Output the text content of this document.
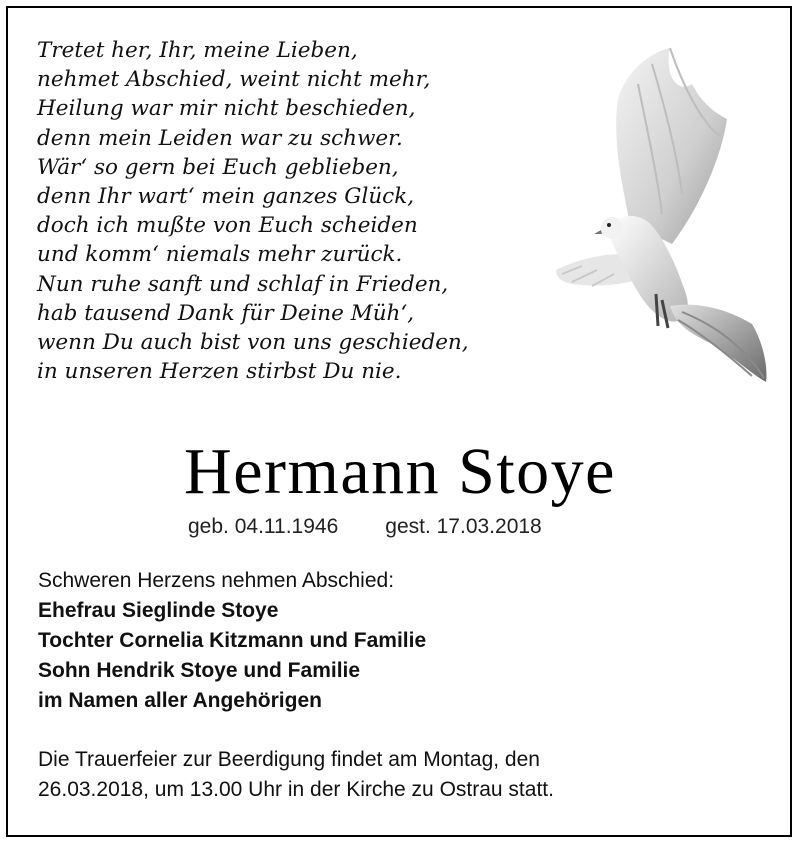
Tretet her, Ihr, meine Lieben,
nehmet Abschied, weint nicht mehr,
Heilung war mir nicht beschieden,
denn mein Leiden war zu schwer.
Wär‘ so gern bei Euch geblieben,
denn Ihr wart‘ mein ganzes Glück,
doch ich mußte von Euch scheiden
und komm‘ niemals mehr zurück.
Nun ruhe sanft und schlaf in Frieden,
hab tausend Dank für Deine Müh‘,
wenn Du auch bist von uns geschieden,
in unseren Herzen stirbst Du nie.
Hermann Stoye
geb. 04.11.1946 gest. 17.03.2018
Schweren Herzens nehmen Abschied:
Ehefrau Sieglinde Stoye
Tochter Cornelia Kitzmann und Familie
Sohn Hendrik Stoye und Familie
im Namen aller Angehörigen
Die Trauerfeier zur Beerdigung findet am Montag, den
26.03.2018, um 13.00 Uhr in der Kirche zu Ostrau statt.
